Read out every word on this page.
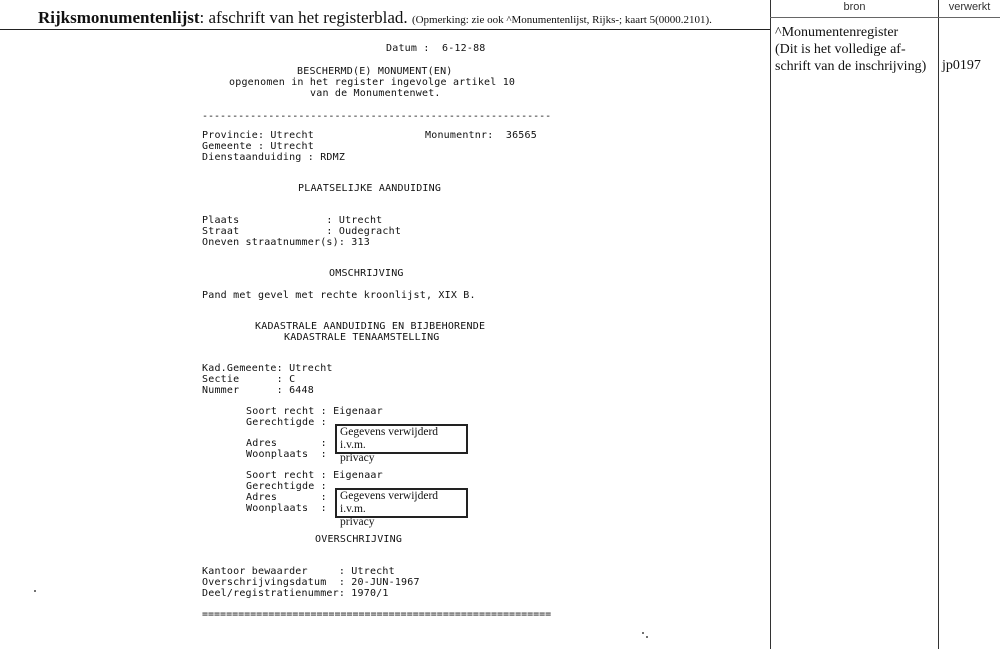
Rijksmonumentenlijst: afschrift van het registerblad. (Opmerking: zie ook ^Monumentenlijst, Rijks-; kaart 5(0000.2101).
bron	verwerkt
^Monumentenregister
(Dit is het volledige af-
schrift van de inschrijving) jp0197
Datum :  6-12-88
BESCHERMD(E) MONUMENT(EN)
opgenomen in het register ingevolge artikel 10
van de Monumentenwet.
----------------------------------------------------------
Provincie: Utrecht	Monumentnr:  36565
Gemeente : Utrecht
Dienstaanduiding : RDMZ
PLAATSELIJKE AANDUIDING
Plaats              : Utrecht
Straat              : Oudegracht
Oneven straatnummer(s): 313
OMSCHRIJVING
Pand met gevel met rechte kroonlijst, XIX B.
KADASTRALE AANDUIDING EN BIJBEHORENDE
KADASTRALE TENAAMSTELLING
Kad.Gemeente: Utrecht
Sectie      : C
Nummer      : 6448
Soort recht : Eigenaar
Gerechtigde :
Adres       :
Woonplaats  :
Gegevens verwijderd i.v.m.
privacy
Soort recht : Eigenaar
Gerechtigde :
Adres       :
Woonplaats  :
Gegevens verwijderd i.v.m.
privacy
OVERSCHRIJVING
Kantoor bewaarder     : Utrecht
Overschrijvingsdatum  : 20-JUN-1967
Deel/registratienummer: 1970/1
==========================================================
